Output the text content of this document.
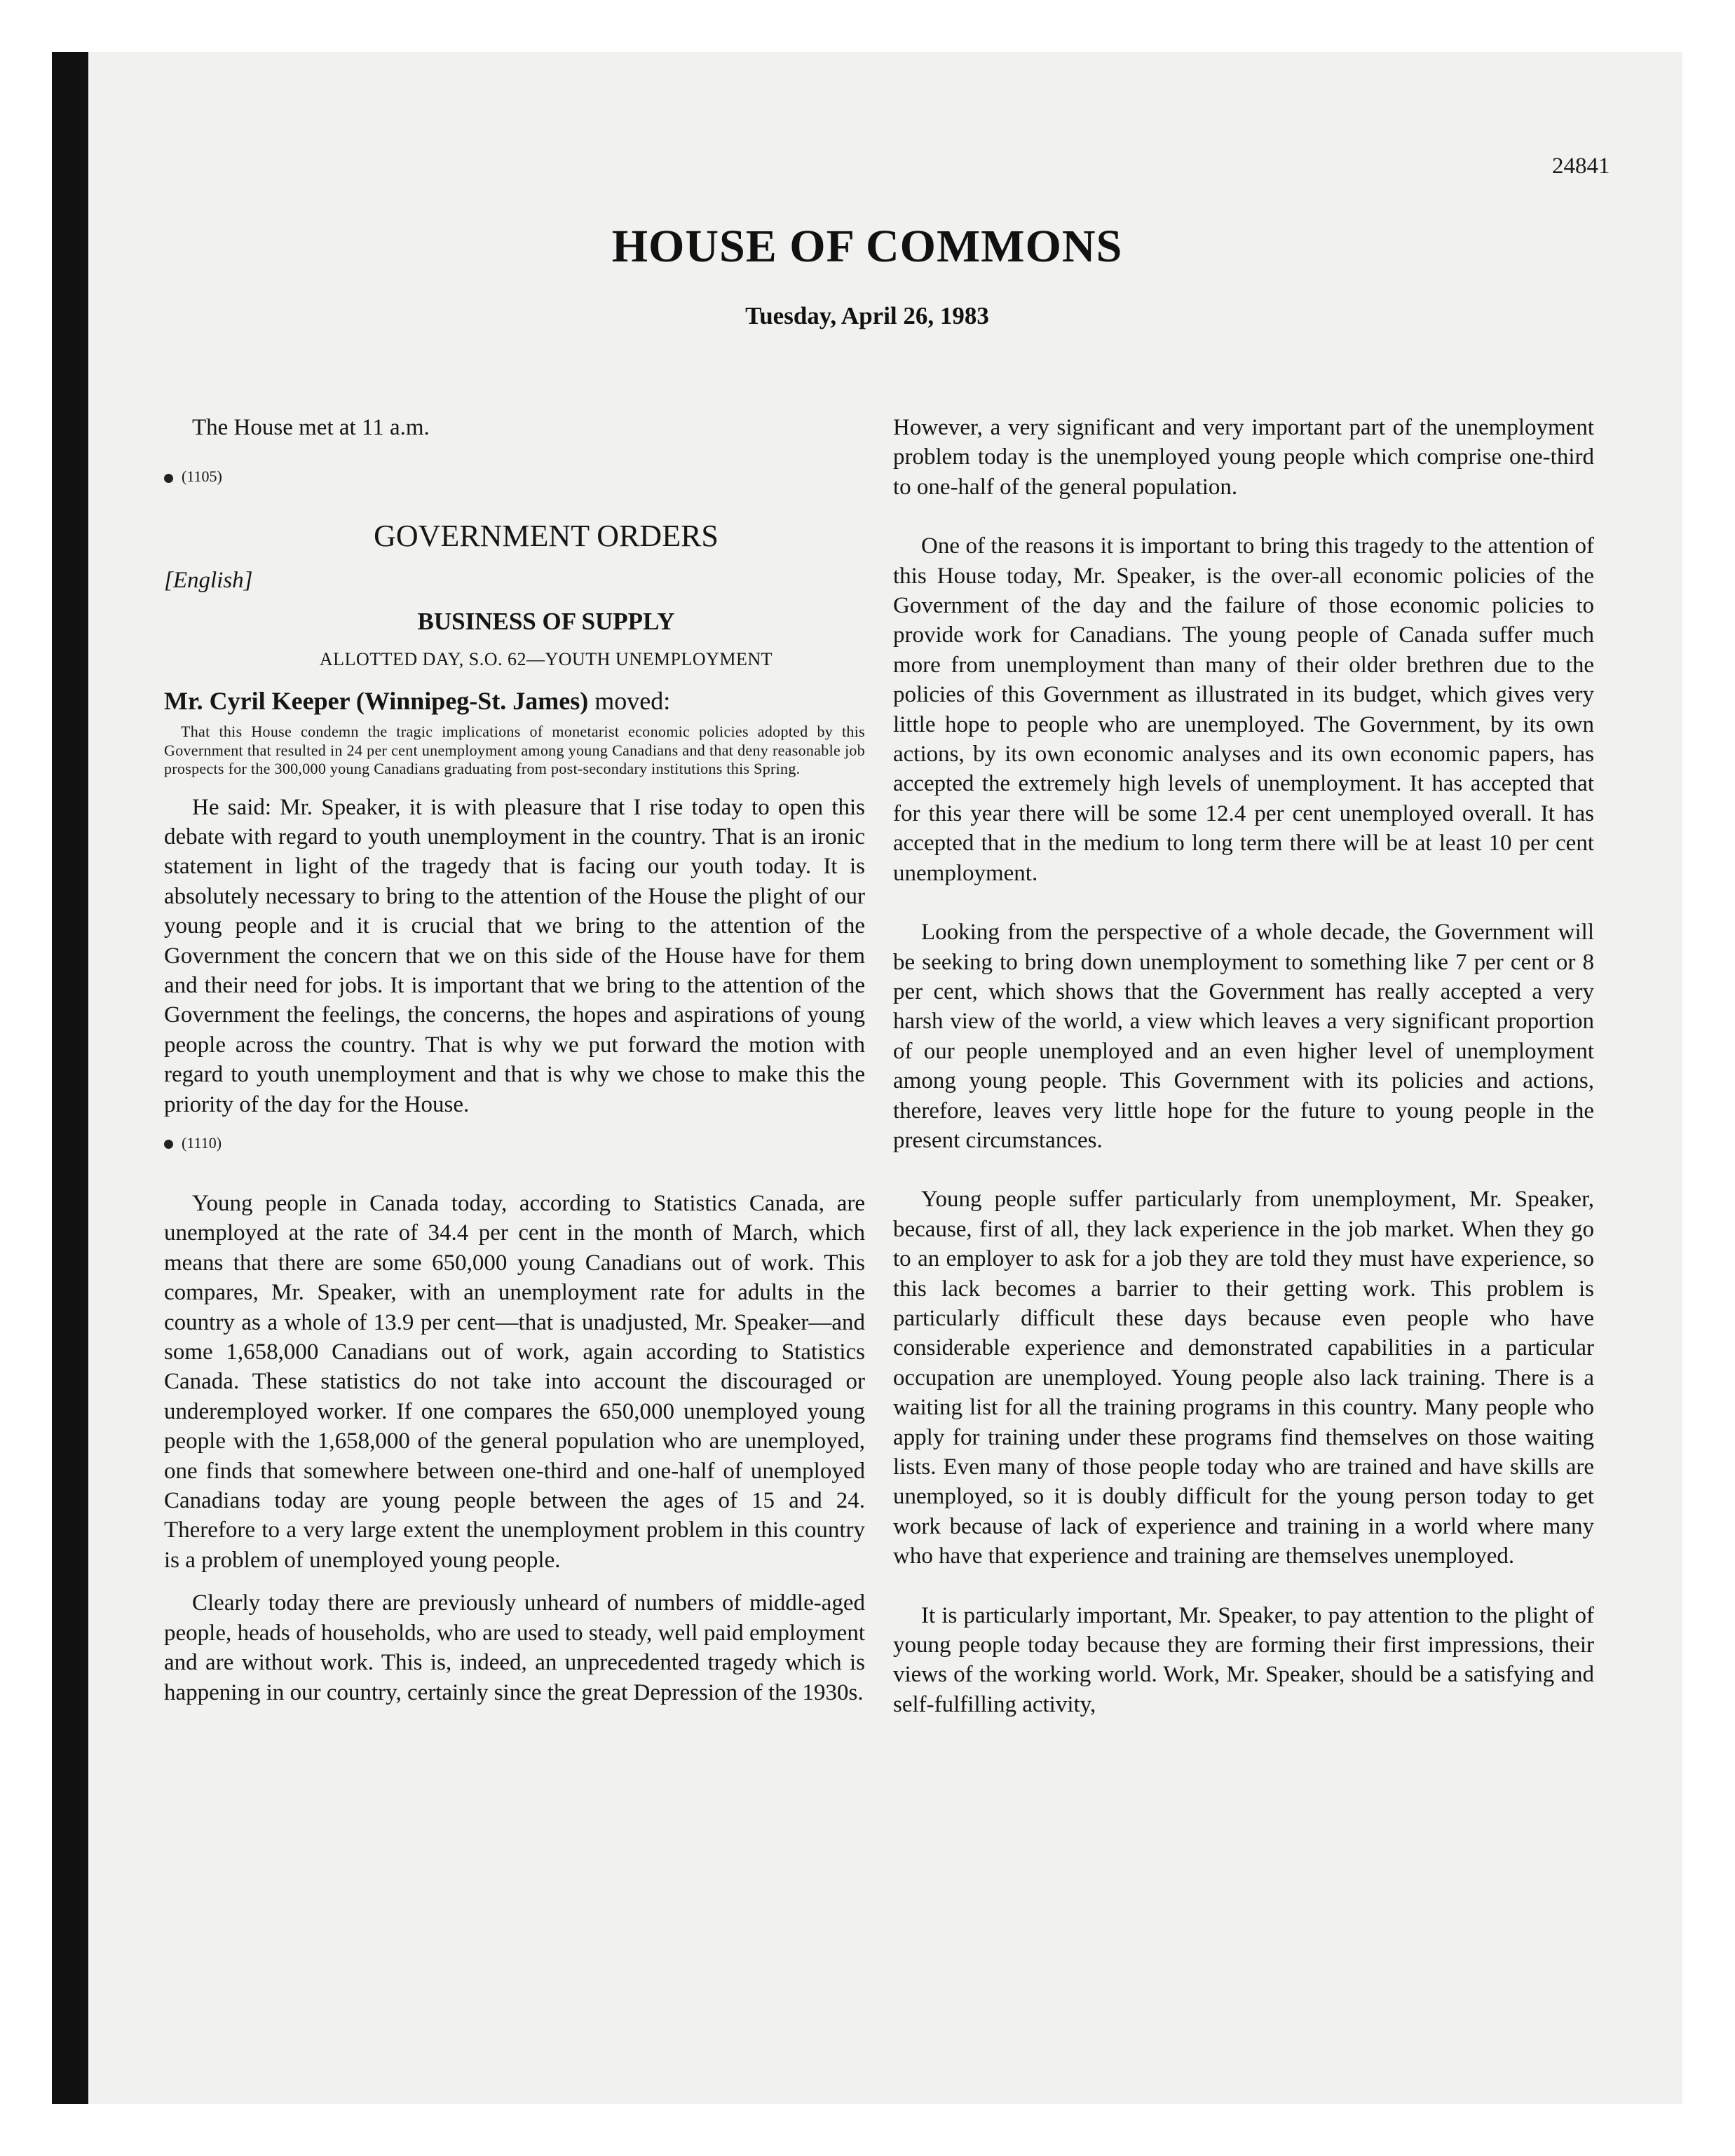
24841
HOUSE OF COMMONS
Tuesday, April 26, 1983

The House met at 11 a.m.

(1105)
GOVERNMENT ORDERS
[English]
BUSINESS OF SUPPLY
ALLOTTED DAY, S.O. 62—YOUTH UNEMPLOYMENT
Mr. Cyril Keeper (Winnipeg-St. James) moved:
That this House condemn the tragic implications of monetarist economic policies adopted by this Government that resulted in 24 per cent unemployment among young Canadians and that deny reasonable job prospects for the 300,000 young Canadians graduating from post-secondary institutions this Spring.

He said: Mr. Speaker, it is with pleasure that I rise today to open this debate with regard to youth unemployment in the country. That is an ironic statement in light of the tragedy that is facing our youth today. It is absolutely necessary to bring to the attention of the House the plight of our young people and it is crucial that we bring to the attention of the Government the concern that we on this side of the House have for them and their need for jobs. It is important that we bring to the attention of the Government the feelings, the concerns, the hopes and aspirations of young people across the country. That is why we put forward the motion with regard to youth unemployment and that is why we chose to make this the priority of the day for the House.

(1110)

Young people in Canada today, according to Statistics Canada, are unemployed at the rate of 34.4 per cent in the month of March, which means that there are some 650,000 young Canadians out of work. This compares, Mr. Speaker, with an unemployment rate for adults in the country as a whole of 13.9 per cent—that is unadjusted, Mr. Speaker—and some 1,658,000 Canadians out of work, again according to Statistics Canada. These statistics do not take into account the discouraged or underemployed worker. If one compares the 650,000 unemployed young people with the 1,658,000 of the general population who are unemployed, one finds that somewhere between one-third and one-half of unemployed Canadians today are young people between the ages of 15 and 24. Therefore to a very large extent the unemployment problem in this country is a problem of unemployed young people.

Clearly today there are previously unheard of numbers of middle-aged people, heads of households, who are used to steady, well paid employment and are without work. This is, indeed, an unprecedented tragedy which is happening in our country, certainly since the great Depression of the 1930s.

However, a very significant and very important part of the unemployment problem today is the unemployed young people which comprise one-third to one-half of the general population.

One of the reasons it is important to bring this tragedy to the attention of this House today, Mr. Speaker, is the over-all economic policies of the Government of the day and the failure of those economic policies to provide work for Canadians. The young people of Canada suffer much more from unemployment than many of their older brethren due to the policies of this Government as illustrated in its budget, which gives very little hope to people who are unemployed. The Government, by its own actions, by its own economic analyses and its own economic papers, has accepted the extremely high levels of unemployment. It has accepted that for this year there will be some 12.4 per cent unemployed overall. It has accepted that in the medium to long term there will be at least 10 per cent unemployment.

Looking from the perspective of a whole decade, the Government will be seeking to bring down unemployment to something like 7 per cent or 8 per cent, which shows that the Government has really accepted a very harsh view of the world, a view which leaves a very significant proportion of our people unemployed and an even higher level of unemployment among young people. This Government with its policies and actions, therefore, leaves very little hope for the future to young people in the present circumstances.

Young people suffer particularly from unemployment, Mr. Speaker, because, first of all, they lack experience in the job market. When they go to an employer to ask for a job they are told they must have experience, so this lack becomes a barrier to their getting work. This problem is particularly difficult these days because even people who have considerable experience and demonstrated capabilities in a particular occupation are unemployed. Young people also lack training. There is a waiting list for all the training programs in this country. Many people who apply for training under these programs find themselves on those waiting lists. Even many of those people today who are trained and have skills are unemployed, so it is doubly difficult for the young person today to get work because of lack of experience and training in a world where many who have that experience and training are themselves unemployed.

It is particularly important, Mr. Speaker, to pay attention to the plight of young people today because they are forming their first impressions, their views of the working world. Work, Mr. Speaker, should be a satisfying and self-fulfilling activity,
